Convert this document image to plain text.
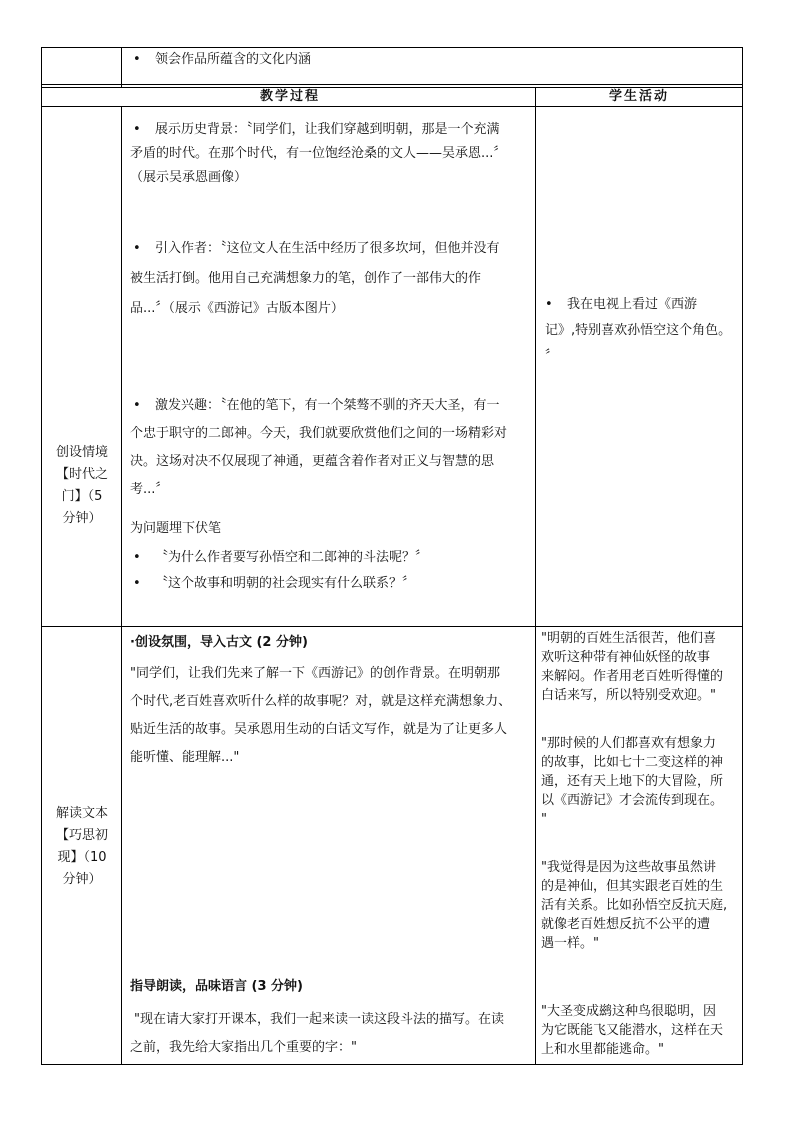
• 领会作品所蕴含的文化内涵
教学过程	学生活动
创设情境
【时代之
门】（5
分钟）
• 展示历史背景：〝同学们，让我们穿越到明朝，那是一个充满
矛盾的时代。在那个时代，有一位饱经沧桑的文人——吴承恩...〞
（展示吴承恩画像）
• 引入作者：〝这位文人在生活中经历了很多坎坷，但他并没有
被生活打倒。他用自己充满想象力的笔，创作了一部伟大的作
品...〞（展示《西游记》古版本图片）
• 激发兴趣：〝在他的笔下，有一个桀骜不驯的齐天大圣，有一
个忠于职守的二郎神。今天，我们就要欣赏他们之间的一场精彩对
决。这场对决不仅展现了神通，更蕴含着作者对正义与智慧的思
考...〞
为问题埋下伏笔
• 〝为什么作者要写孙悟空和二郎神的斗法呢？〞
• 〝这个故事和明朝的社会现实有什么联系？〞
• 我在电视上看过《西游
记》,特别喜欢孙悟空这个角色。
〞
解读文本
【巧思初
现】（10
分钟）
·创设氛围，导入古文 (2 分钟)
"同学们，让我们先来了解一下《西游记》的创作背景。在明朝那
个时代,老百姓喜欢听什么样的故事呢？对，就是这样充满想象力、
贴近生活的故事。吴承恩用生动的白话文写作，就是为了让更多人
能听懂、能理解..."
指导朗读，品味语言 (3 分钟)
"现在请大家打开课本，我们一起来读一读这段斗法的描写。在读
之前，我先给大家指出几个重要的字："
"明朝的百姓生活很苦，他们喜
欢听这种带有神仙妖怪的故事
来解闷。作者用老百姓听得懂的
白话来写，所以特别受欢迎。"
"那时候的人们都喜欢有想象力
的故事，比如七十二变这样的神
通，还有天上地下的大冒险，所
以《西游记》才会流传到现在。
"
"我觉得是因为这些故事虽然讲
的是神仙，但其实跟老百姓的生
活有关系。比如孙悟空反抗天庭,
就像老百姓想反抗不公平的遭
遇一样。"
"大圣变成鹚这种鸟很聪明，因
为它既能飞又能潜水，这样在天
上和水里都能逃命。"
